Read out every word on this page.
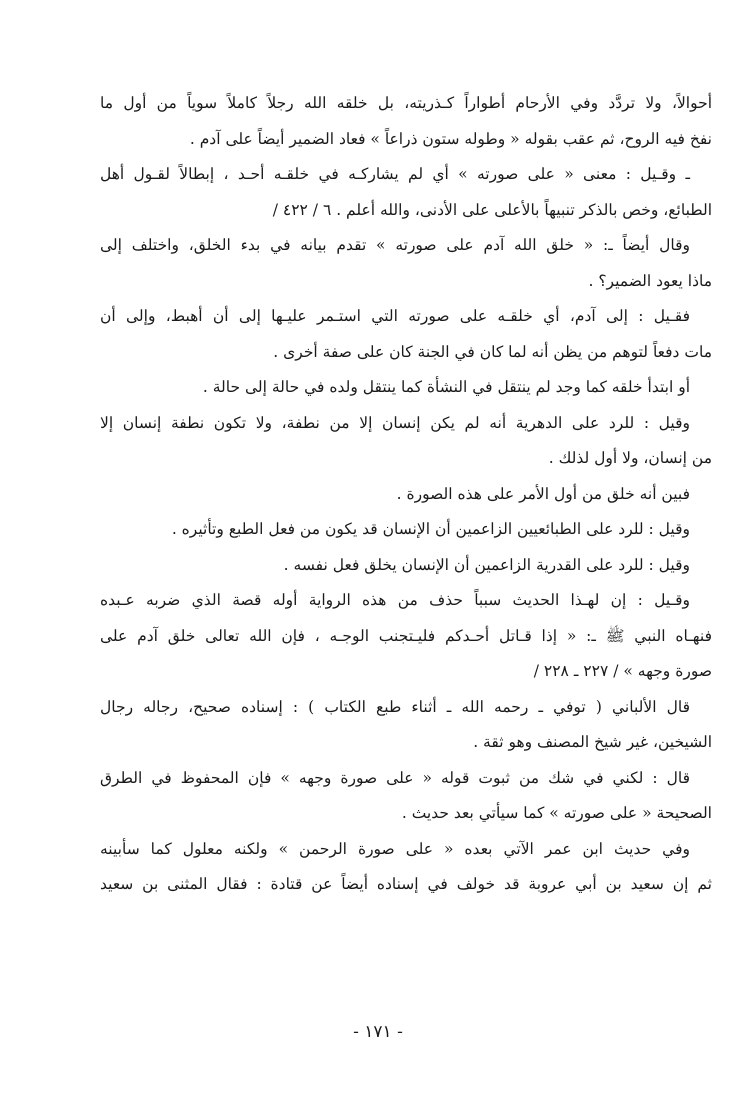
أحوالاً، ولا تردَّد وفي الأرحام أطواراً كـذريته، بل خلقه الله رجلاً كاملاً سوياً من أول ما
نفخ فيه الروح، ثم عقب بقوله « وطوله ستون ذراعاً » فعاد الضمير أيضاً على آدم .
ـ وقـيل : معنى « على صورته » أي لم يشاركـه في خلقـه أحـد ، إبطالاً لقـول أهل
الطبائع، وخص بالذكر تنبيهاً بالأعلى على الأدنى، والله أعلم . ٦ / ٤٢٢ /
وقال أيضاً ـ: « خلق الله آدم على صورته » تقدم بيانه في بدء الخلق، واختلف إلى
ماذا يعود الضمير؟ .
فقـيل : إلى آدم، أي خلقـه على صورته التي استـمر عليـها إلى أن أهبط، وإلى أن
مات دفعاً لتوهم من يظن أنه لما كان في الجنة كان على صفة أخرى .
أو ابتدأ خلقه كما وجد لم ينتقل في النشأة كما ينتقل ولده في حالة إلى حالة .
وقيل : للرد على الدهرية أنه لم يكن إنسان إلا من نطفة، ولا تكون نطفة إنسان إلا
من إنسان، ولا أول لذلك .
فبين أنه خلق من أول الأمر على هذه الصورة .
وقيل : للرد على الطبائعيين الزاعمين أن الإنسان قد يكون من فعل الطبع وتأثيره .
وقيل : للرد على القدرية الزاعمين أن الإنسان يخلق فعل نفسه .
وقـيل : إن لهـذا الحديث سبباً حذف من هذه الرواية أوله قصة الذي ضربه عـبده
فنهـاه النبي ﷺ ـ: « إذا قـاتل أحـدكم فليـتجنب الوجـه ، فإن الله تعالى خلق آدم على
صورة وجهه » / ٢٢٧ ـ ٢٢٨ /
قال الألباني ( توفي ـ رحمه الله ـ أثناء طبع الكتاب ) : إسناده صحيح، رجاله رجال
الشيخين، غير شيخ المصنف وهو ثقة .
قال : لكني في شك من ثبوت قوله « على صورة وجهه » فإن المحفوظ في الطرق
الصحيحة « على صورته » كما سيأتي بعد حديث .
وفي حديث ابن عمر الآتي بعده « على صورة الرحمن » ولكنه معلول كما سأبينه
ثم إن سعيد بن أبي عروبة قد خولف في إسناده أيضاً عن قتادة : فقال المثنى بن سعيد
- ١٧١ -
